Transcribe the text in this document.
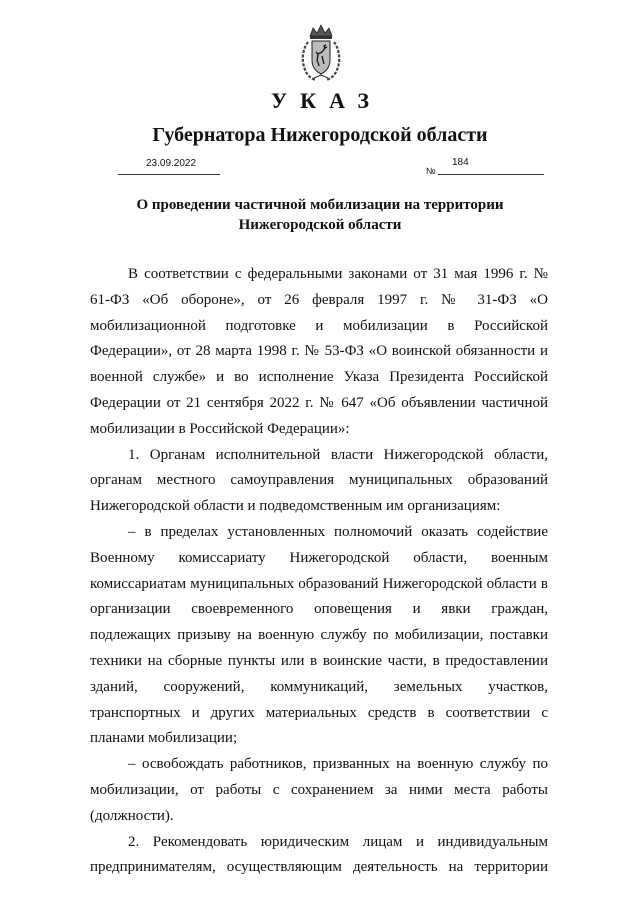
УКАЗ
Губернатора Нижегородской области
23.09.2022
№
184
О проведении частичной мобилизации на территории
Нижегородской области

В соответствии с федеральными законами от 31 мая 1996 г. № 61-ФЗ «Об обороне», от 26 февраля 1997 г. № 31-ФЗ «О мобилизационной подготовке и мобилизации в Российской Федерации», от 28 марта 1998 г. № 53-ФЗ «О воинской обязанности и военной службе» и во исполнение Указа Президента Российской Федерации от 21 сентября 2022 г. № 647 «Об объявлении частичной мобилизации в Российской Федерации»:

1. Органам исполнительной власти Нижегородской области, органам местного самоуправления муниципальных образований Нижегородской области и подведомственным им организациям:

– в пределах установленных полномочий оказать содействие Военному комиссариату Нижегородской области, военным комиссариатам муниципальных образований Нижегородской области в организации своевременного оповещения и явки граждан, подлежащих призыву на военную службу по мобилизации, поставки техники на сборные пункты или в воинские части, в предоставлении зданий, сооружений, коммуникаций, земельных участков, транспортных и других материальных средств в соответствии с планами мобилизации;

– освобождать работников, призванных на военную службу по мобилизации, от работы с сохранением за ними места работы (должности).

2. Рекомендовать юридическим лицам и индивидуальным предпринимателям, осуществляющим деятельность на территории
